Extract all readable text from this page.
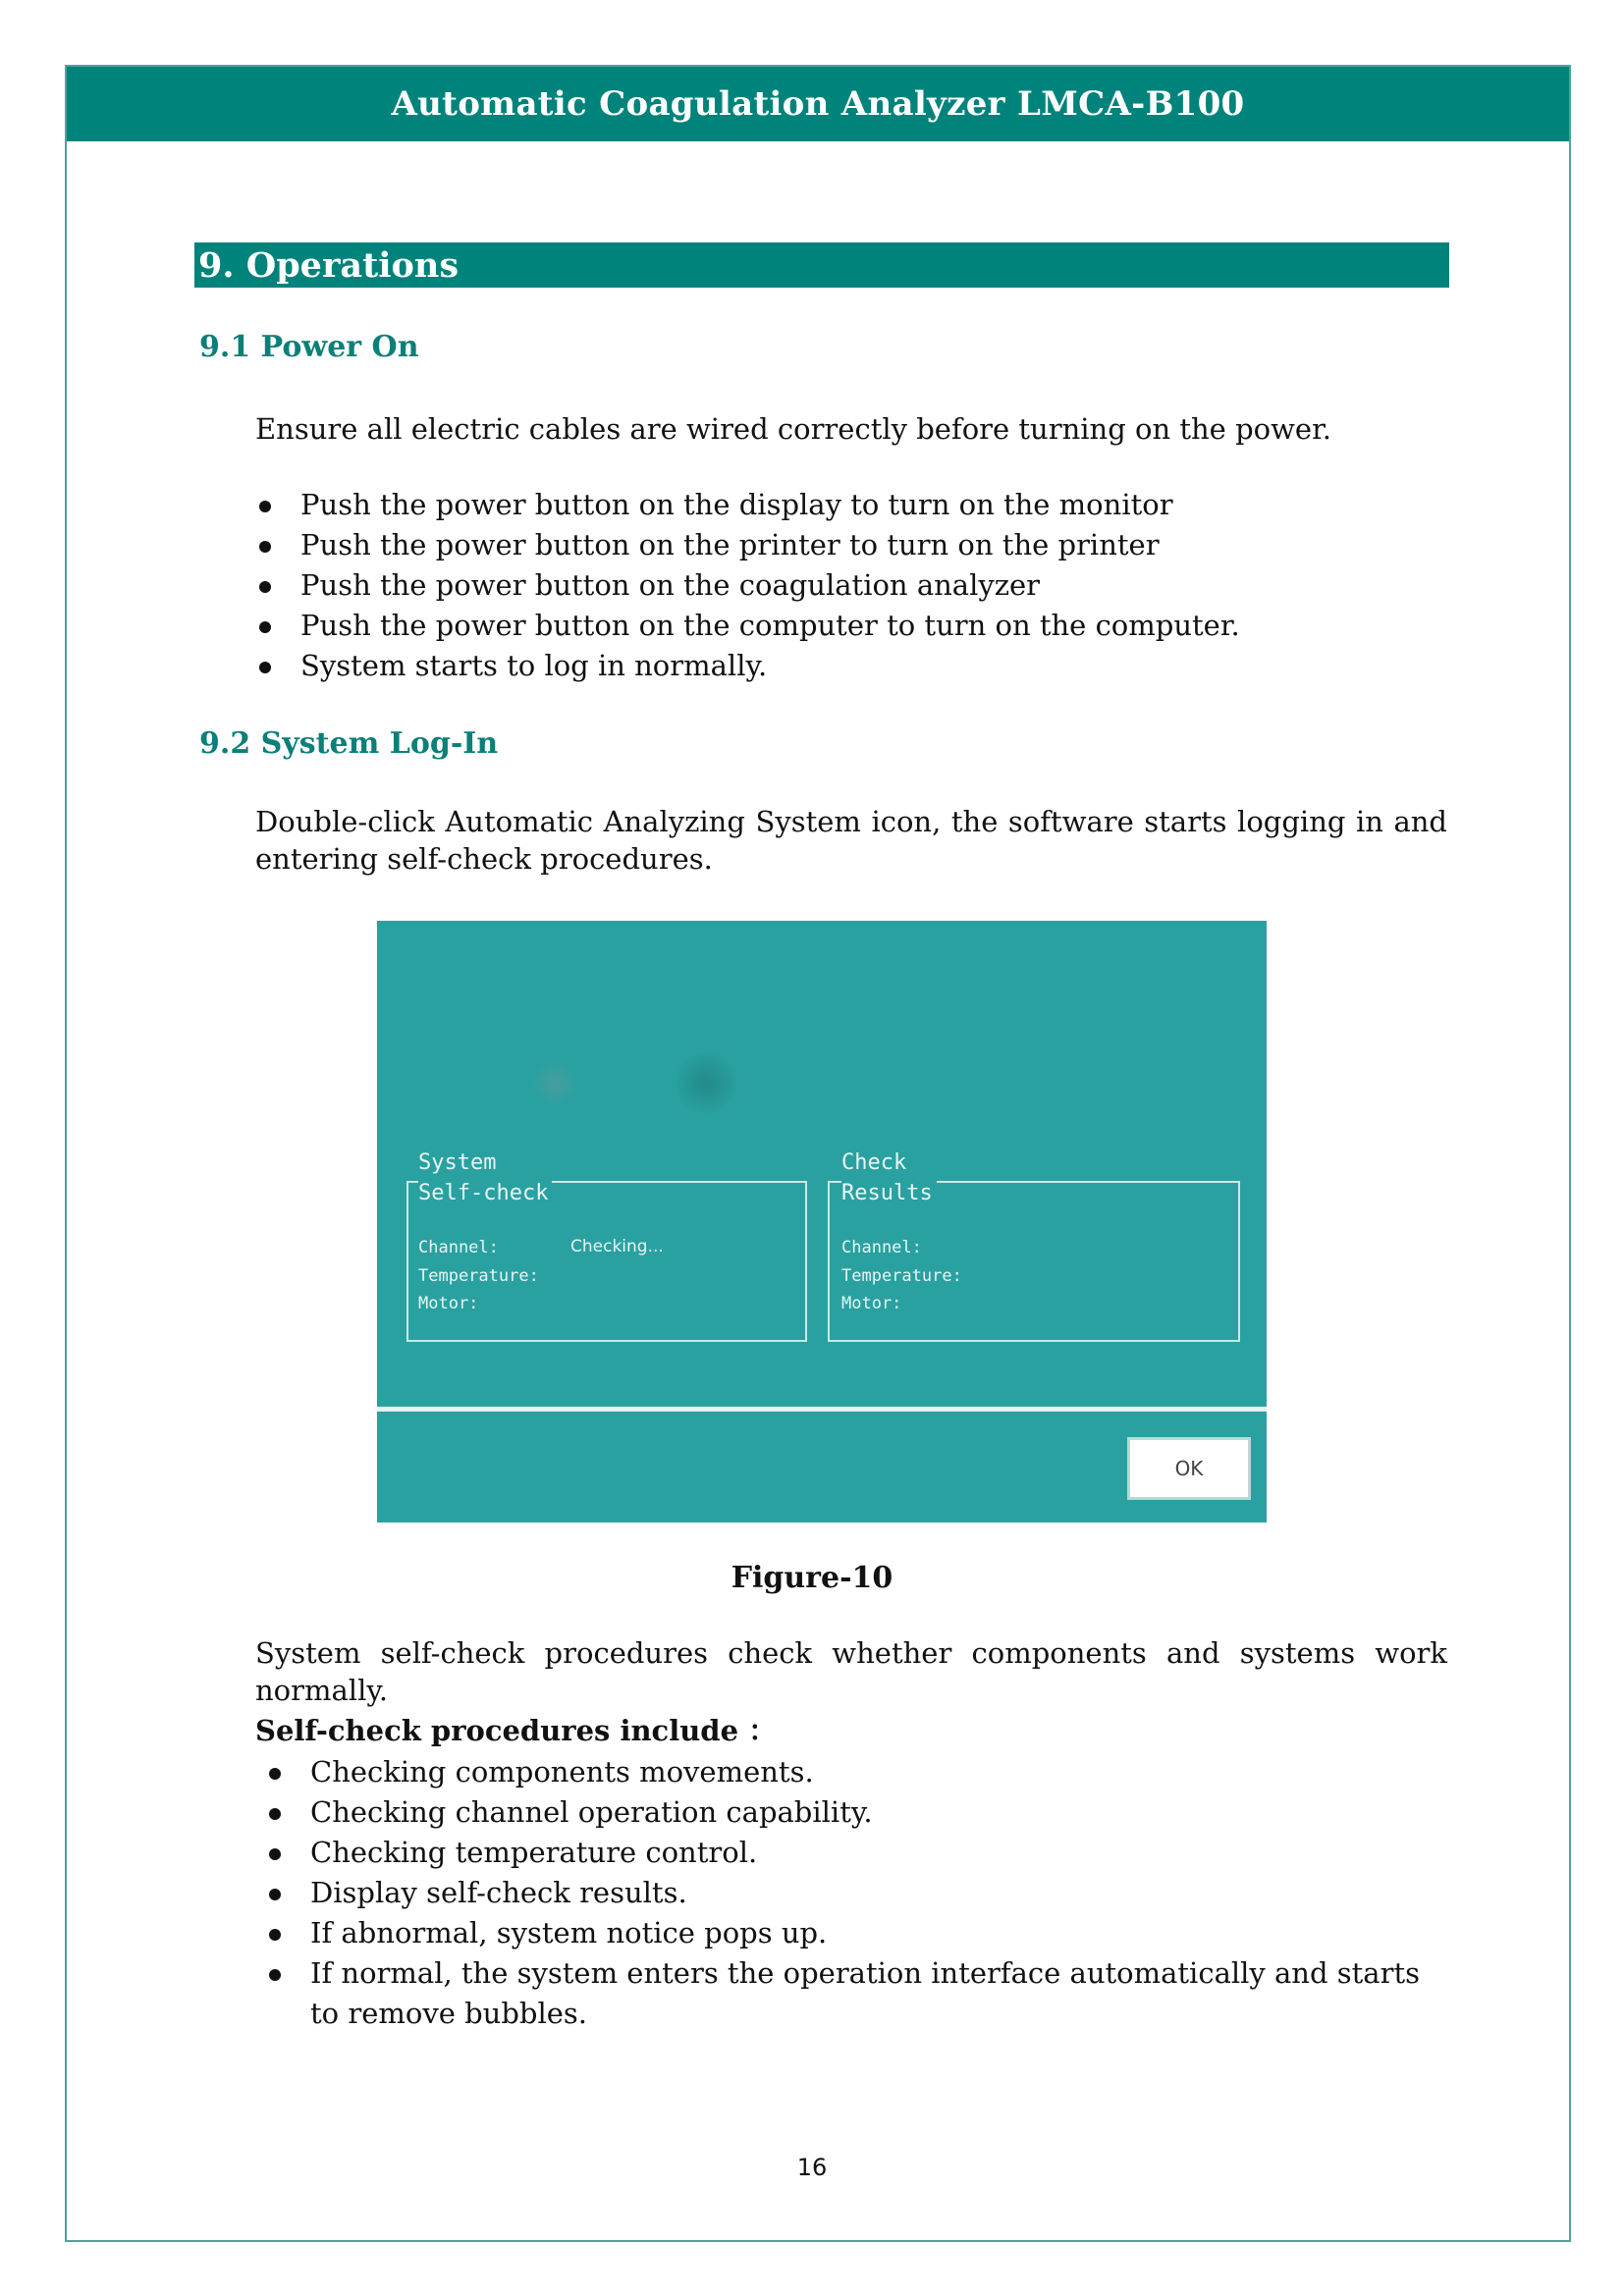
Automatic Coagulation Analyzer LMCA-B100
9. Operations
9.1 Power On
Ensure all electric cables are wired correctly before turning on the power.
Push the power button on the display to turn on the monitor
Push the power button on the printer to turn on the printer
Push the power button on the coagulation analyzer
Push the power button on the computer to turn on the computer.
System starts to log in normally.
9.2 System Log-In
Double-click Automatic Analyzing System icon, the software starts logging in and entering self-check procedures.
System
Self-check
Channel:	Checking...
Temperature:
Motor:
Check
Results
Channel:
Temperature:
Motor:
OK
Figure-10
System self-check procedures check whether components and systems work normally.
Self-check procedures include ：
Checking components movements.
Checking channel operation capability.
Checking temperature control.
Display self-check results.
If abnormal, system notice pops up.
If normal, the system enters the operation interface automatically and starts to remove bubbles.
16
